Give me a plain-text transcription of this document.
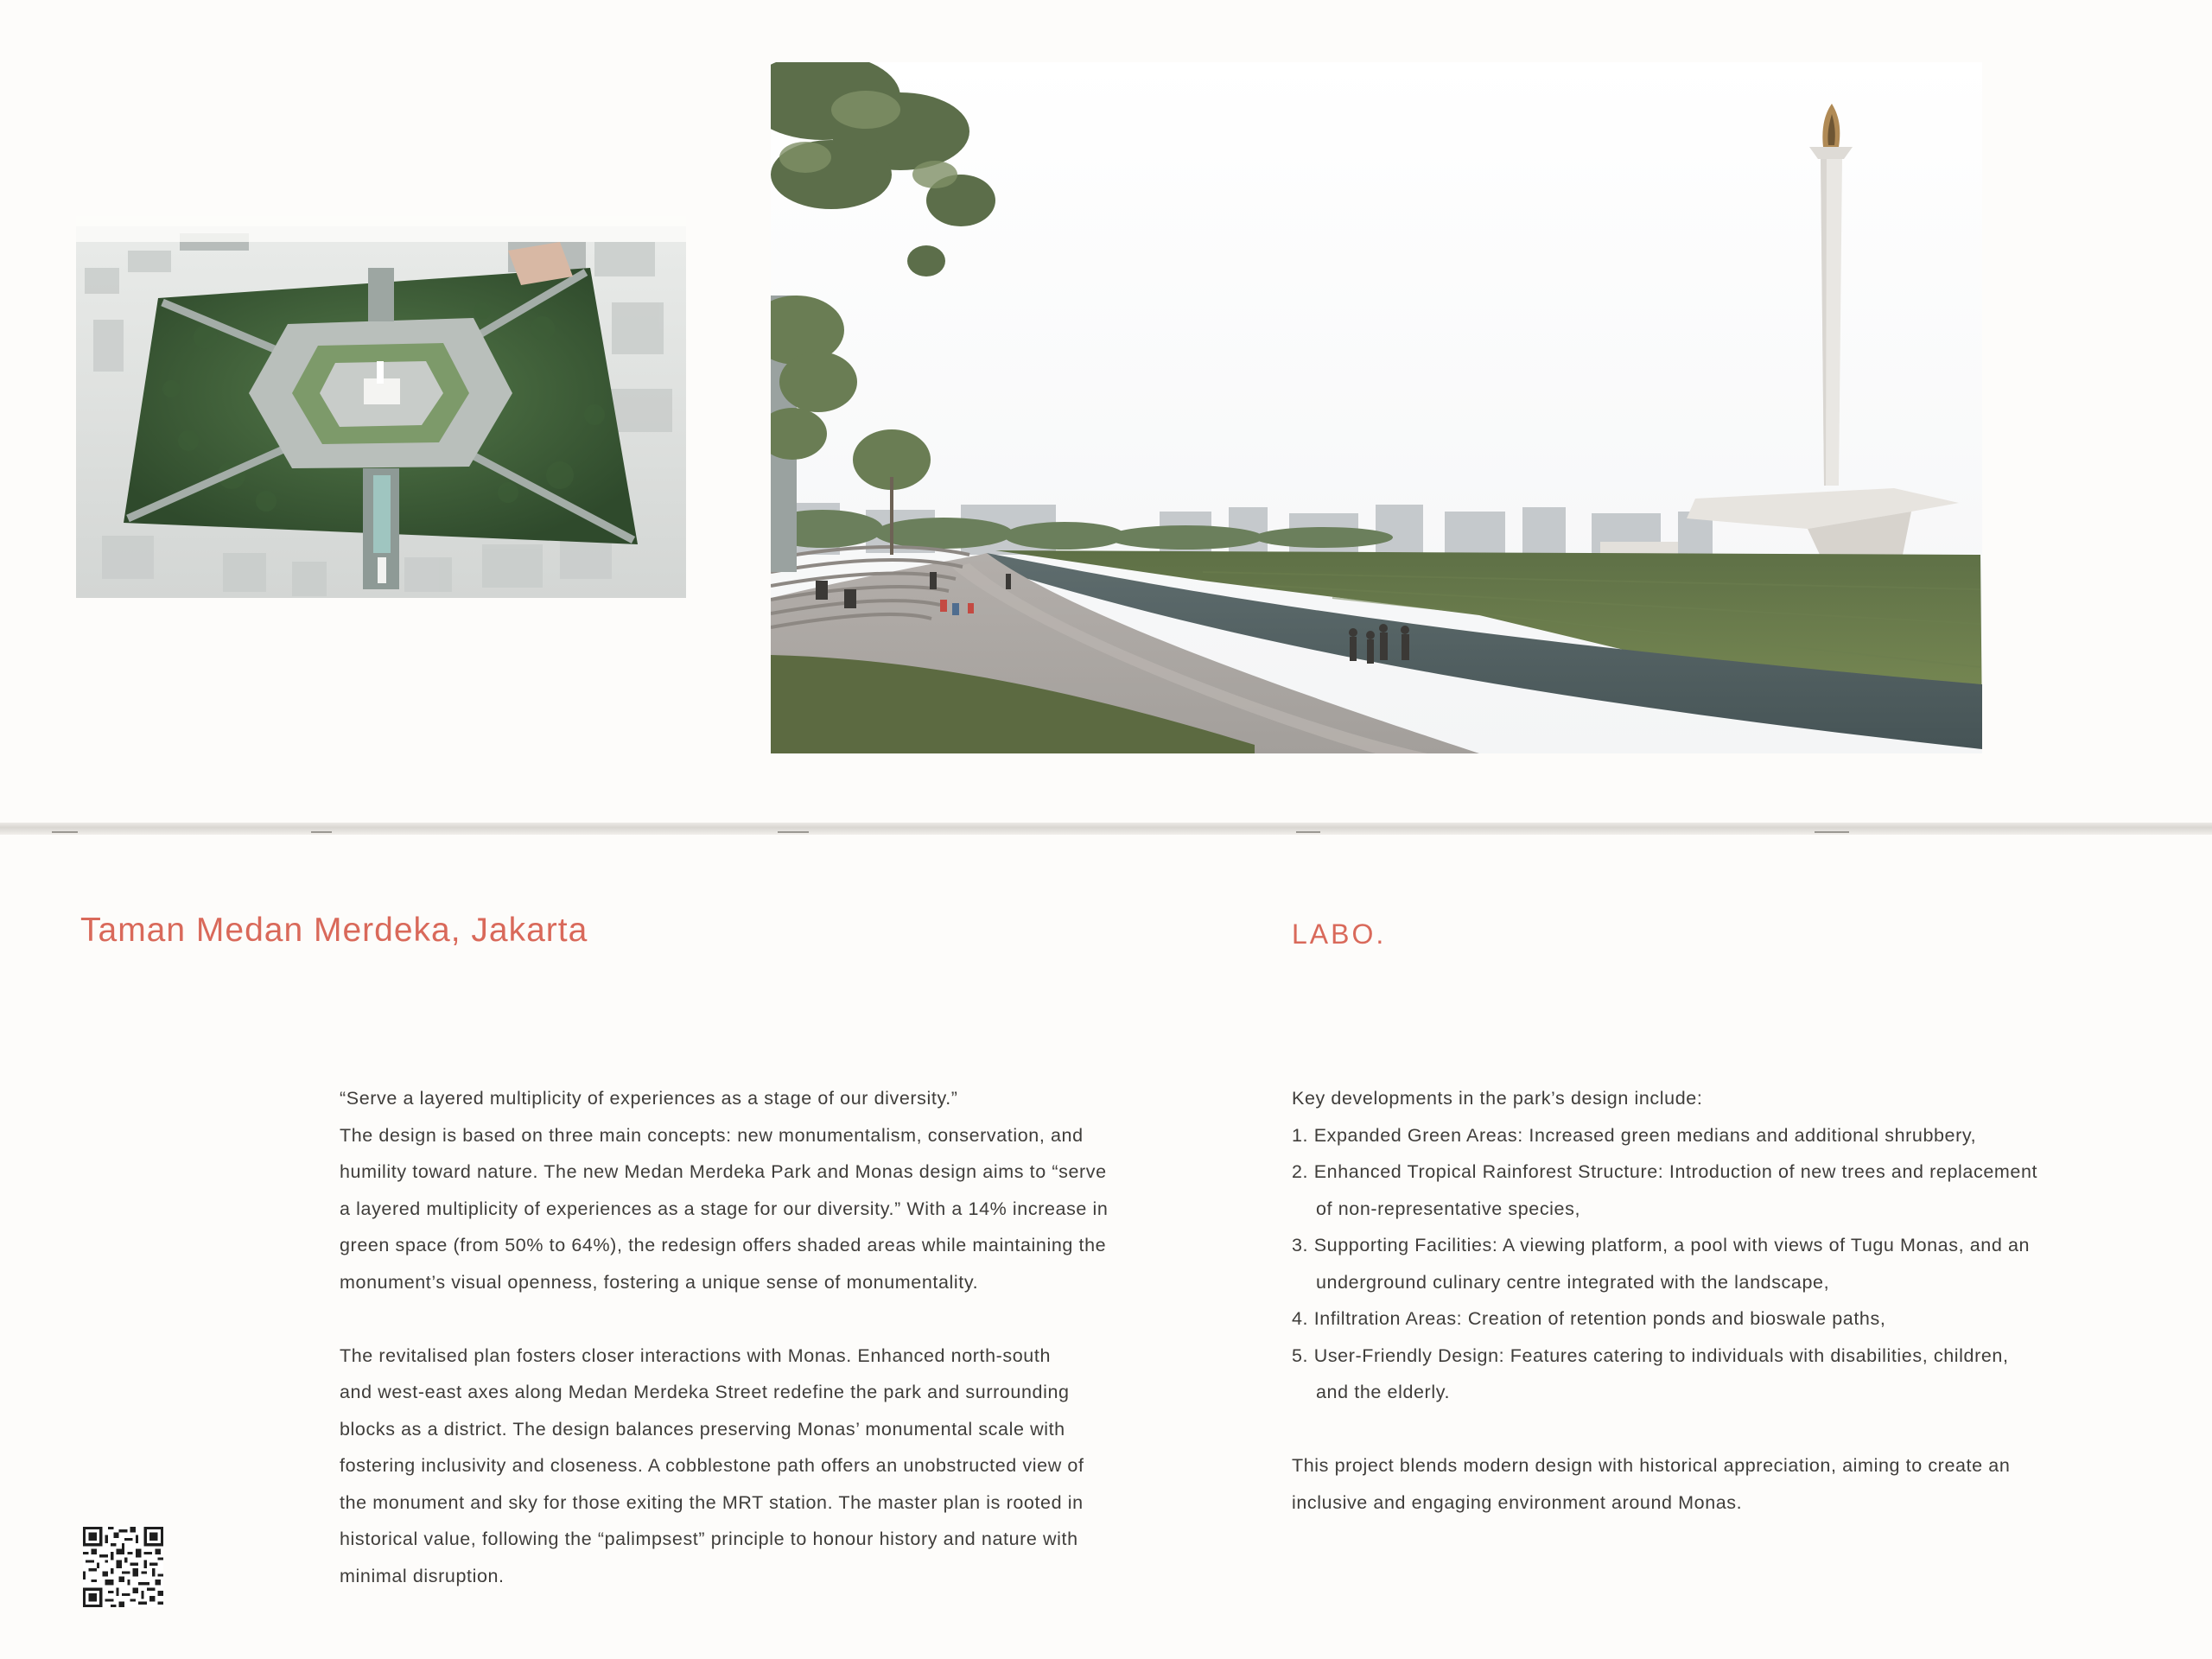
Taman Medan Merdeka, Jakarta	LABO.

“Serve a layered multiplicity of experiences as a stage of our diversity.”

The design is based on three main concepts: new monumentalism, conservation, and

humility toward nature. The new Medan Merdeka Park and Monas design aims to “serve

a layered multiplicity of experiences as a stage for our diversity.” With a 14% increase in

green space (from 50% to 64%), the redesign offers shaded areas while maintaining the

monument’s visual openness, fostering a unique sense of monumentality.

The revitalised plan fosters closer interactions with Monas. Enhanced north-south

and west-east axes along Medan Merdeka Street redefine the park and surrounding

blocks as a district. The design balances preserving Monas’ monumental scale with

fostering inclusivity and closeness. A cobblestone path offers an unobstructed view of

the monument and sky for those exiting the MRT station. The master plan is rooted in

historical value, following the “palimpsest” principle to honour history and nature with

minimal disruption.

Key developments in the park’s design include:

1. Expanded Green Areas: Increased green medians and additional shrubbery,

2. Enhanced Tropical Rainforest Structure: Introduction of new trees and replacement

of non-representative species,

3. Supporting Facilities: A viewing platform, a pool with views of Tugu Monas, and an

underground culinary centre integrated with the landscape,

4. Infiltration Areas: Creation of retention ponds and bioswale paths,

5. User-Friendly Design: Features catering to individuals with disabilities, children,

and the elderly.

This project blends modern design with historical appreciation, aiming to create an

inclusive and engaging environment around Monas.
